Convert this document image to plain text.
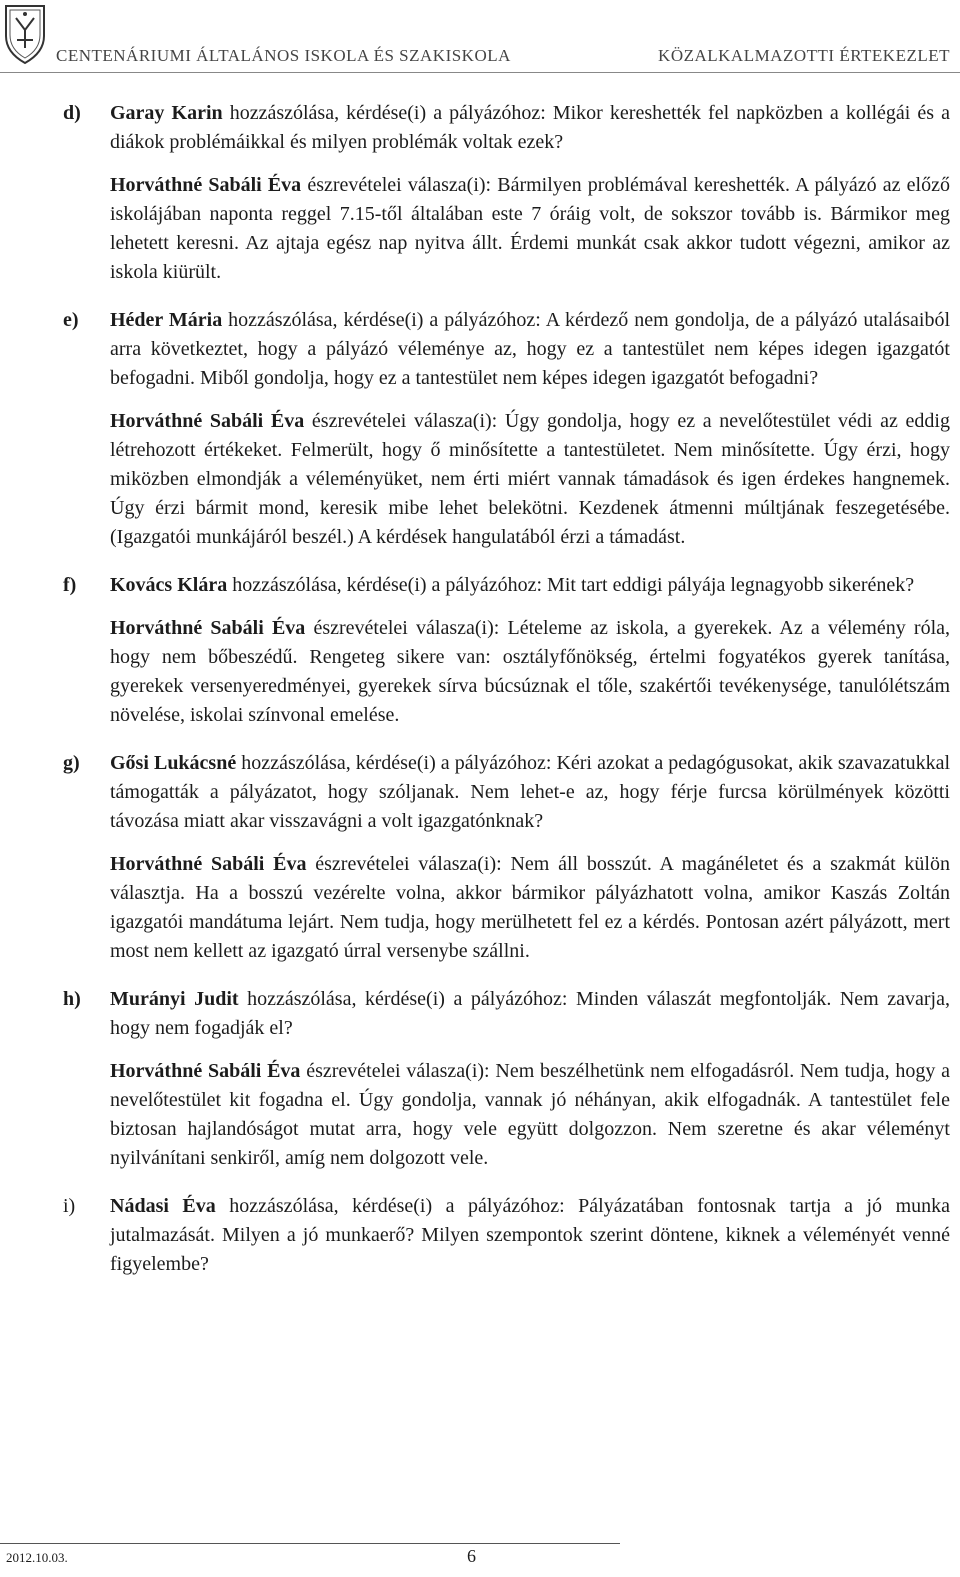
CENTENÁRIUMI ÁLTALÁNOS ISKOLA ÉS SZAKISKOLA	KÖZALKALMAZOTTI ÉRTEKEZLET
d) Garay Karin hozzászólása, kérdése(i) a pályázóhoz: Mikor kereshették fel napközben a kollégái és a diákok problémáikkal és milyen problémák voltak ezek?

Horváthné Sabáli Éva észrevételei válasza(i): Bármilyen problémával kereshették. A pályázó az előző iskolájában naponta reggel 7.15-től általában este 7 óráig volt, de sokszor tovább is. Bármikor meg lehetett keresni. Az ajtaja egész nap nyitva állt. Érdemi munkát csak akkor tudott végezni, amikor az iskola kiürült.

e) Héder Mária hozzászólása, kérdése(i) a pályázóhoz: A kérdező nem gondolja, de a pályázó utalásaiból arra következtet, hogy a pályázó véleménye az, hogy ez a tantestület nem képes idegen igazgatót befogadni. Miből gondolja, hogy ez a tantestület nem képes idegen igazgatót befogadni?

Horváthné Sabáli Éva észrevételei válasza(i): Úgy gondolja, hogy ez a nevelőtestület védi az eddig létrehozott értékeket. Felmerült, hogy ő minősítette a tantestületet. Nem minősítette. Úgy érzi, hogy miközben elmondják a véleményüket, nem érti miért vannak támadások és igen érdekes hangnemek. Úgy érzi bármit mond, keresik mibe lehet belekötni. Kezdenek átmenni múltjának feszegetésébe. (Igazgatói munkájáról beszél.) A kérdések hangulatából érzi a támadást.

f) Kovács Klára hozzászólása, kérdése(i) a pályázóhoz: Mit tart eddigi pályája legnagyobb sikerének?

Horváthné Sabáli Éva észrevételei válasza(i): Lételeme az iskola, a gyerekek. Az a vélemény róla, hogy nem bőbeszédű. Rengeteg sikere van: osztályfőnökség, értelmi fogyatékos gyerek tanítása, gyerekek versenyeredményei, gyerekek sírva búcsúznak el tőle, szakértői tevékenysége, tanulólétszám növelése, iskolai színvonal emelése.

g) Gősi Lukácsné hozzászólása, kérdése(i) a pályázóhoz: Kéri azokat a pedagógusokat, akik szavazatukkal támogatták a pályázatot, hogy szóljanak. Nem lehet-e az, hogy férje furcsa körülmények közötti távozása miatt akar visszavágni a volt igazgatónknak?

Horváthné Sabáli Éva észrevételei válasza(i): Nem áll bosszút. A magánéletet és a szakmát külön választja. Ha a bosszú vezérelte volna, akkor bármikor pályázhatott volna, amikor Kaszás Zoltán igazgatói mandátuma lejárt. Nem tudja, hogy merülhetett fel ez a kérdés. Pontosan azért pályázott, mert most nem kellett az igazgató úrral versenybe szállni.

h) Murányi Judit hozzászólása, kérdése(i) a pályázóhoz: Minden válaszát megfontolják. Nem zavarja, hogy nem fogadják el?

Horváthné Sabáli Éva észrevételei válasza(i): Nem beszélhetünk nem elfogadásról. Nem tudja, hogy a nevelőtestület kit fogadna el. Úgy gondolja, vannak jó néhányan, akik elfogadnák. A tantestület fele biztosan hajlandóságot mutat arra, hogy vele együtt dolgozzon. Nem szeretne és akar véleményt nyilvánítani senkiről, amíg nem dolgozott vele.

i) Nádasi Éva hozzászólása, kérdése(i) a pályázóhoz: Pályázatában fontosnak tartja a jó munka jutalmazását. Milyen a jó munkaerő? Milyen szempontok szerint döntene, kiknek a véleményét venné figyelembe?

2012.10.03.	6
